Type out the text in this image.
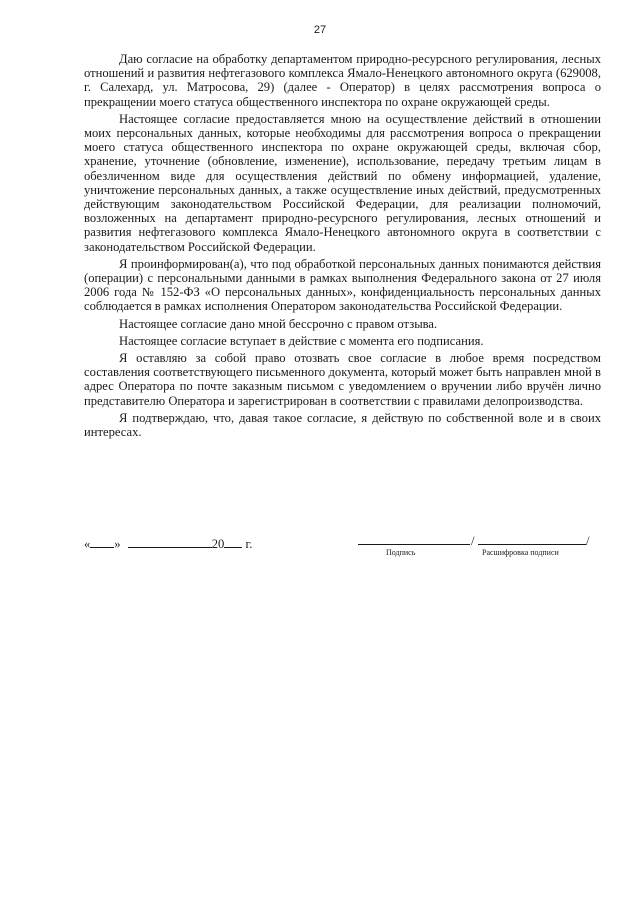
27

Даю согласие на обработку департаментом природно-ресурсного регулирования, лесных отношений и развития нефтегазового комплекса Ямало-Ненецкого автономного округа (629008, г. Салехард, ул. Матросова, 29) (далее - Оператор) в целях рассмотрения вопроса о прекращении моего статуса общественного инспектора по охране окружающей среды.

Настоящее согласие предоставляется мною на осуществление действий в отношении моих персональных данных, которые необходимы для рассмотрения вопроса о прекращении моего статуса общественного инспектора по охране окружающей среды, включая сбор, хранение, уточнение (обновление, изменение), использование, передачу третьим лицам в обезличенном виде для осуществления действий по обмену информацией, удаление, уничтожение персональных данных, а также осуществление иных действий, предусмотренных действующим законодательством Российской Федерации, для реализации полномочий, возложенных на департамент природно-ресурсного регулирования, лесных отношений и развития нефтегазового комплекса Ямало-Ненецкого автономного округа в соответствии с законодательством Российской Федерации.

Я проинформирован(а), что под обработкой персональных данных понимаются действия (операции) с персональными данными в рамках выполнения Федерального закона от 27 июля 2006 года № 152-ФЗ «О персональных данных», конфиденциальность персональных данных соблюдается в рамках исполнения Оператором законодательства Российской Федерации.

Настоящее согласие дано мной бессрочно с правом отзыва.

Настоящее согласие вступает в действие с момента его подписания.

Я оставляю за собой право отозвать свое согласие в любое время посредством составления соответствующего письменного документа, который может быть направлен мной в адрес Оператора по почте заказным письмом с уведомлением о вручении либо вручён лично представителю Оператора и зарегистрирован в соответствии с правилами делопроизводства.

Я подтверждаю, что, давая такое согласие, я действую по собственной воле и в своих интересах.

« »	20 г.	/	/
Подпись	Расшифровка подписи
